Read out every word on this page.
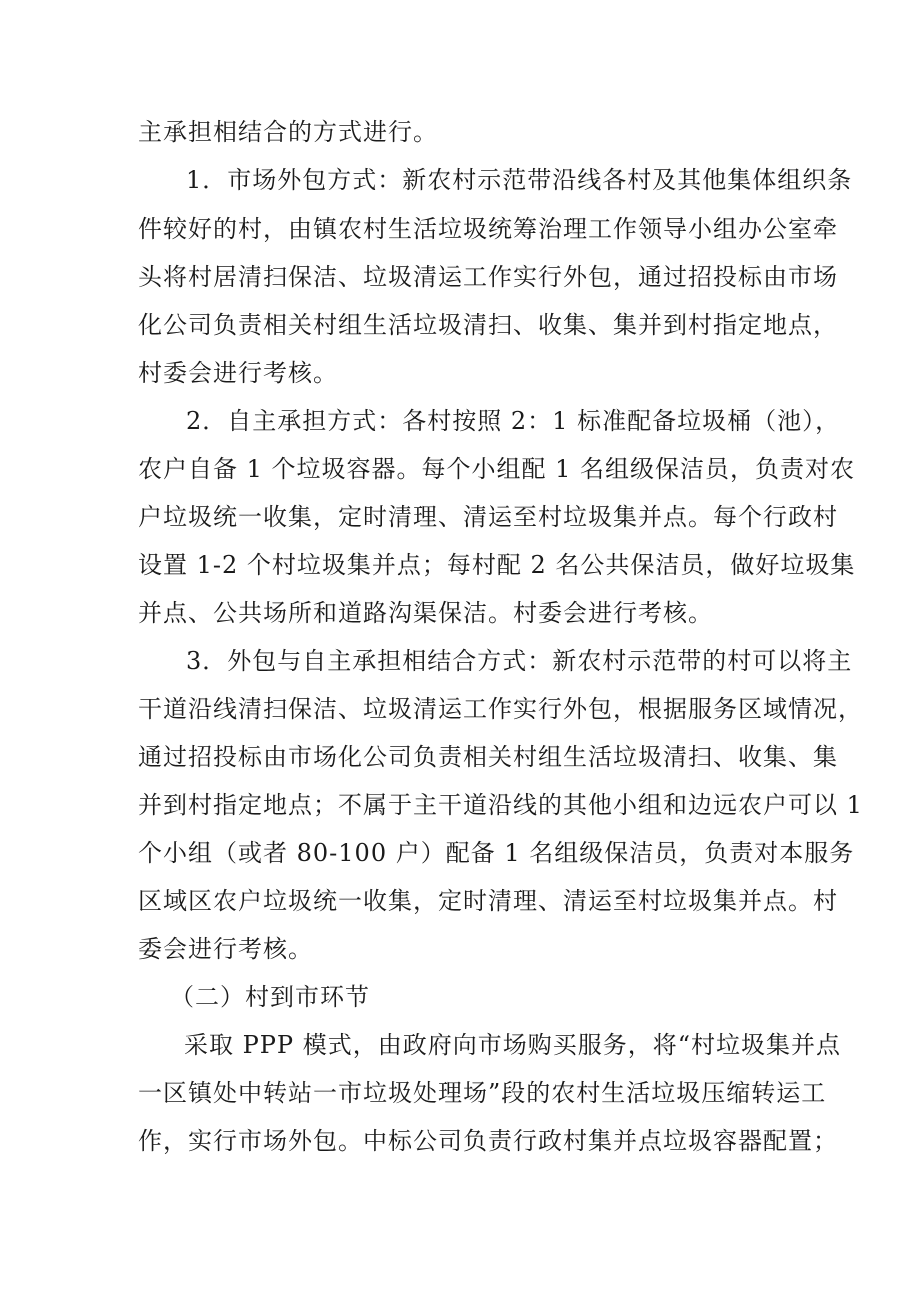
主承担相结合的方式进行。
1．市场外包方式：新农村示范带沿线各村及其他集体组织条
件较好的村，由镇农村生活垃圾统筹治理工作领导小组办公室牵
头将村居清扫保洁、垃圾清运工作实行外包，通过招投标由市场
化公司负责相关村组生活垃圾清扫、收集、集并到村指定地点，
村委会进行考核。
2．自主承担方式：各村按照 2：1 标准配备垃圾桶（池），
农户自备 1 个垃圾容器。每个小组配 1 名组级保洁员，负责对农
户垃圾统一收集，定时清理、清运至村垃圾集并点。每个行政村
设置 1-2 个村垃圾集并点；每村配 2 名公共保洁员，做好垃圾集
并点、公共场所和道路沟渠保洁。村委会进行考核。
3．外包与自主承担相结合方式：新农村示范带的村可以将主
干道沿线清扫保洁、垃圾清运工作实行外包，根据服务区域情况，
通过招投标由市场化公司负责相关村组生活垃圾清扫、收集、集
并到村指定地点；不属于主干道沿线的其他小组和边远农户可以 1
个小组（或者 80-100 户）配备 1 名组级保洁员，负责对本服务
区域区农户垃圾统一收集，定时清理、清运至村垃圾集并点。村
委会进行考核。
（二）村到市环节
采取 PPP 模式，由政府向市场购买服务，将“村垃圾集并点
一区镇处中转站一市垃圾处理场”段的农村生活垃圾压缩转运工
作，实行市场外包。中标公司负责行政村集并点垃圾容器配置；
